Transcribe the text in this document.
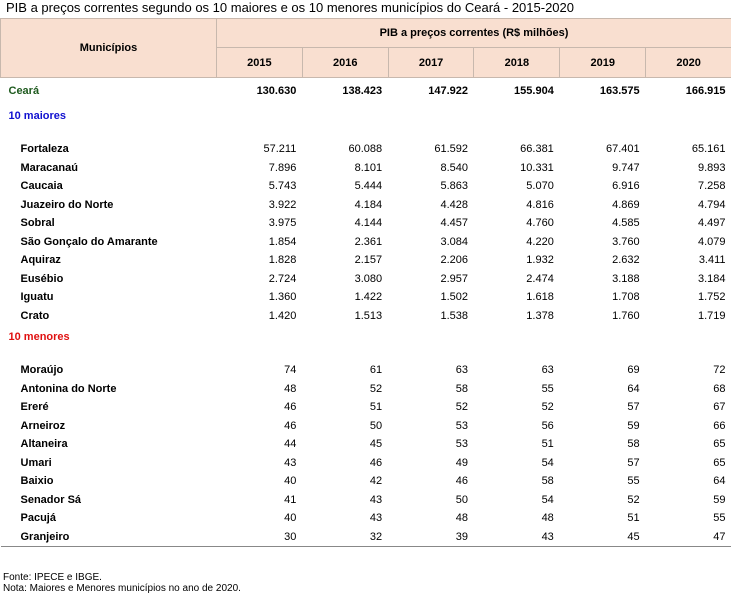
PIB a preços correntes segundo os 10 maiores e os 10 menores municípios do Ceará - 2015-2020
Municípios	PIB a preços correntes (R$ milhões)					
	2015	2016	2017	2018	2019	2020
Ceará	130.630	138.423	147.922	155.904	163.575	166.915
10 maiores						

Fortaleza	57.211	60.088	61.592	66.381	67.401	65.161
Maracanaú	7.896	8.101	8.540	10.331	9.747	9.893
Caucaia	5.743	5.444	5.863	5.070	6.916	7.258
Juazeiro do Norte	3.922	4.184	4.428	4.816	4.869	4.794
Sobral	3.975	4.144	4.457	4.760	4.585	4.497
São Gonçalo do Amarante	1.854	2.361	3.084	4.220	3.760	4.079
Aquiraz	1.828	2.157	2.206	1.932	2.632	3.411
Eusébio	2.724	3.080	2.957	2.474	3.188	3.184
Iguatu	1.360	1.422	1.502	1.618	1.708	1.752
Crato	1.420	1.513	1.538	1.378	1.760	1.719
10 menores						

Moraújo	74	61	63	63	69	72
Antonina do Norte	48	52	58	55	64	68
Ereré	46	51	52	52	57	67
Arneiroz	46	50	53	56	59	66
Altaneira	44	45	53	51	58	65
Umari	43	46	49	54	57	65
Baixio	40	42	46	58	55	64
Senador Sá	41	43	50	54	52	59
Pacujá	40	43	48	48	51	55
Granjeiro	30	32	39	43	45	47
Fonte: IPECE e IBGE.
Nota: Maiores e Menores municípios no ano de 2020.
